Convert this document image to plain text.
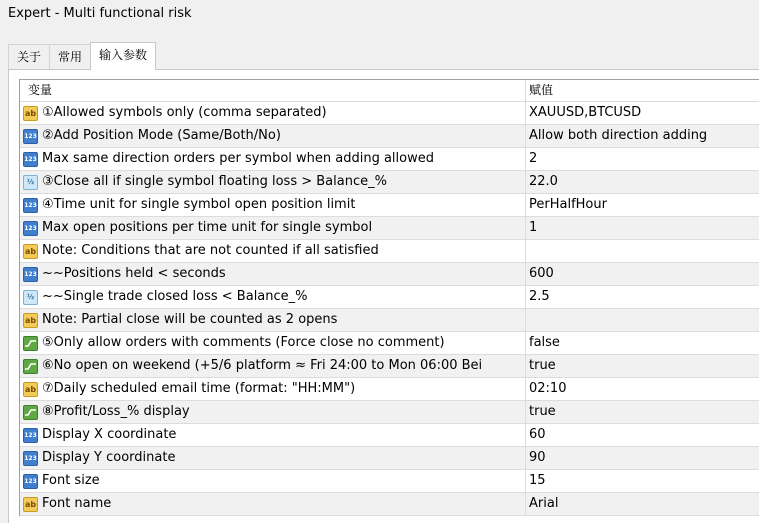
Expert - Multi functional risk
关于	常用	输入参数
变量	赋值
ab ①Allowed symbols only (comma separated)	XAUUSD,BTCUSD
123 ②Add Position Mode (Same/Both/No)	Allow both direction adding
123 Max same direction orders per symbol when adding allowed	2
½ ③Close all if single symbol floating loss > Balance_%	22.0
123 ④Time unit for single symbol open position limit	PerHalfHour
123 Max open positions per time unit for single symbol	1
ab Note: Conditions that are not counted if all satisfied
123 ~~Positions held < seconds	600
½ ~~Single trade closed loss < Balance_%	2.5
ab Note: Partial close will be counted as 2 opens
⑤Only allow orders with comments (Force close no comment)	false
⑥No open on weekend (+5/6 platform ≈ Fri 24:00 to Mon 06:00 Bei	true
ab ⑦Daily scheduled email time (format: "HH:MM")	02:10
⑧Profit/Loss_% display	true
123 Display X coordinate	60
123 Display Y coordinate	90
123 Font size	15
ab Font name	Arial
